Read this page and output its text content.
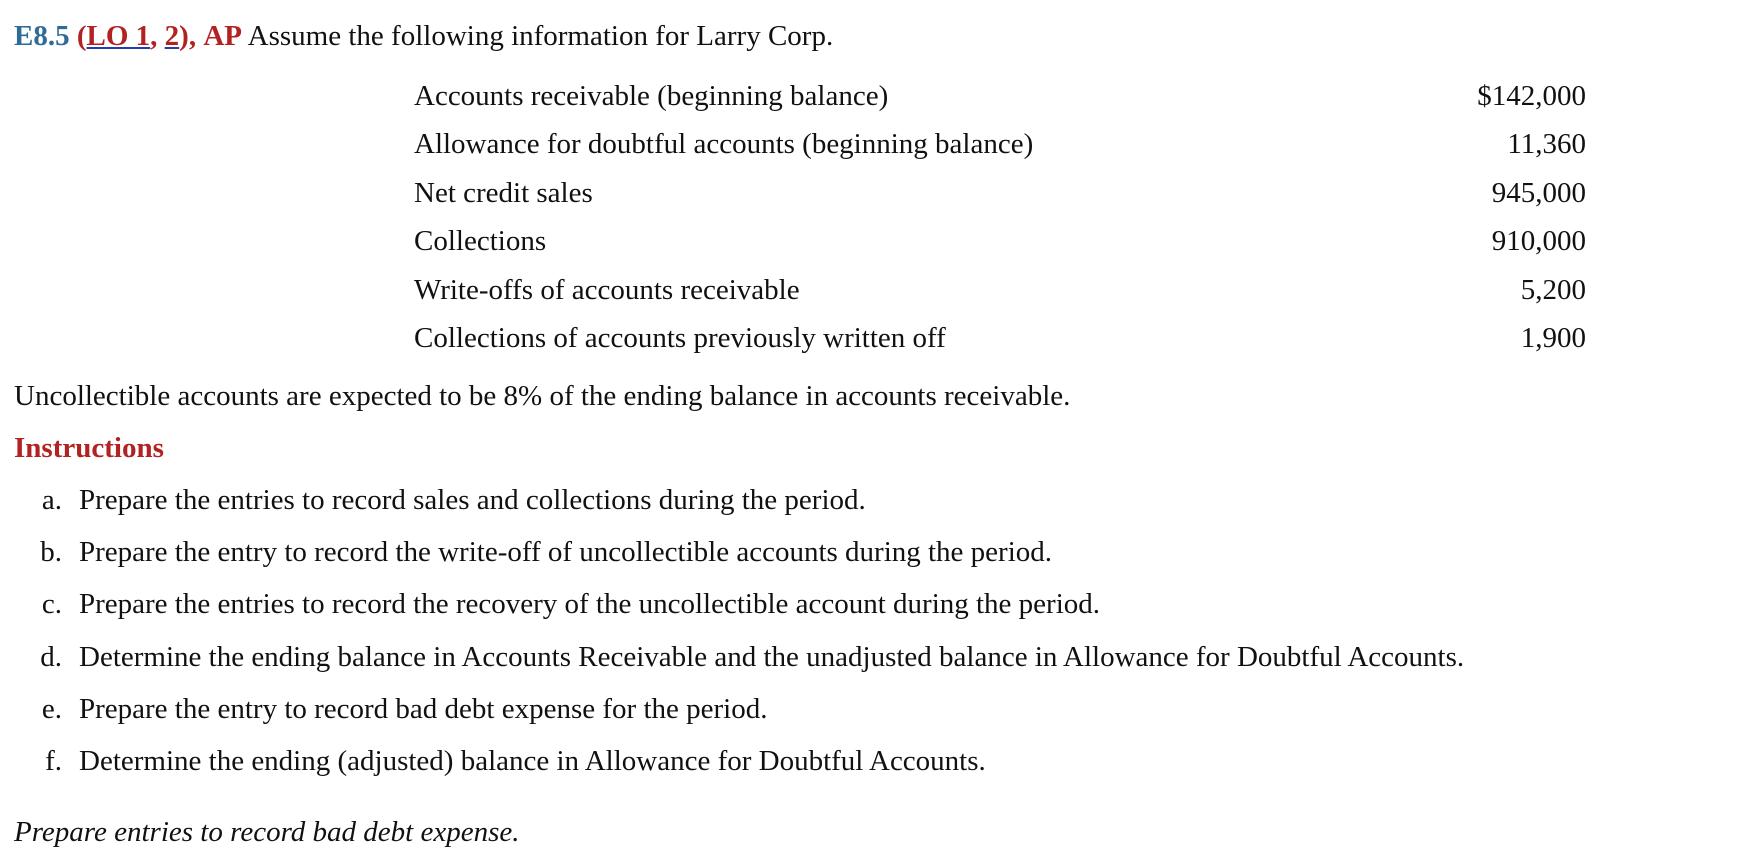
E8.5 (LO 1, 2), AP Assume the following information for Larry Corp.
Accounts receivable (beginning balance)	$142,000
Allowance for doubtful accounts (beginning balance)	11,360
Net credit sales	945,000
Collections	910,000
Write-offs of accounts receivable	5,200
Collections of accounts previously written off	1,900
Uncollectible accounts are expected to be 8% of the ending balance in accounts receivable.
Instructions
a. Prepare the entries to record sales and collections during the period.
b. Prepare the entry to record the write-off of uncollectible accounts during the period.
c. Prepare the entries to record the recovery of the uncollectible account during the period.
d. Determine the ending balance in Accounts Receivable and the unadjusted balance in Allowance for Doubtful Accounts.
e. Prepare the entry to record bad debt expense for the period.
f. Determine the ending (adjusted) balance in Allowance for Doubtful Accounts.
Prepare entries to record bad debt expense.
